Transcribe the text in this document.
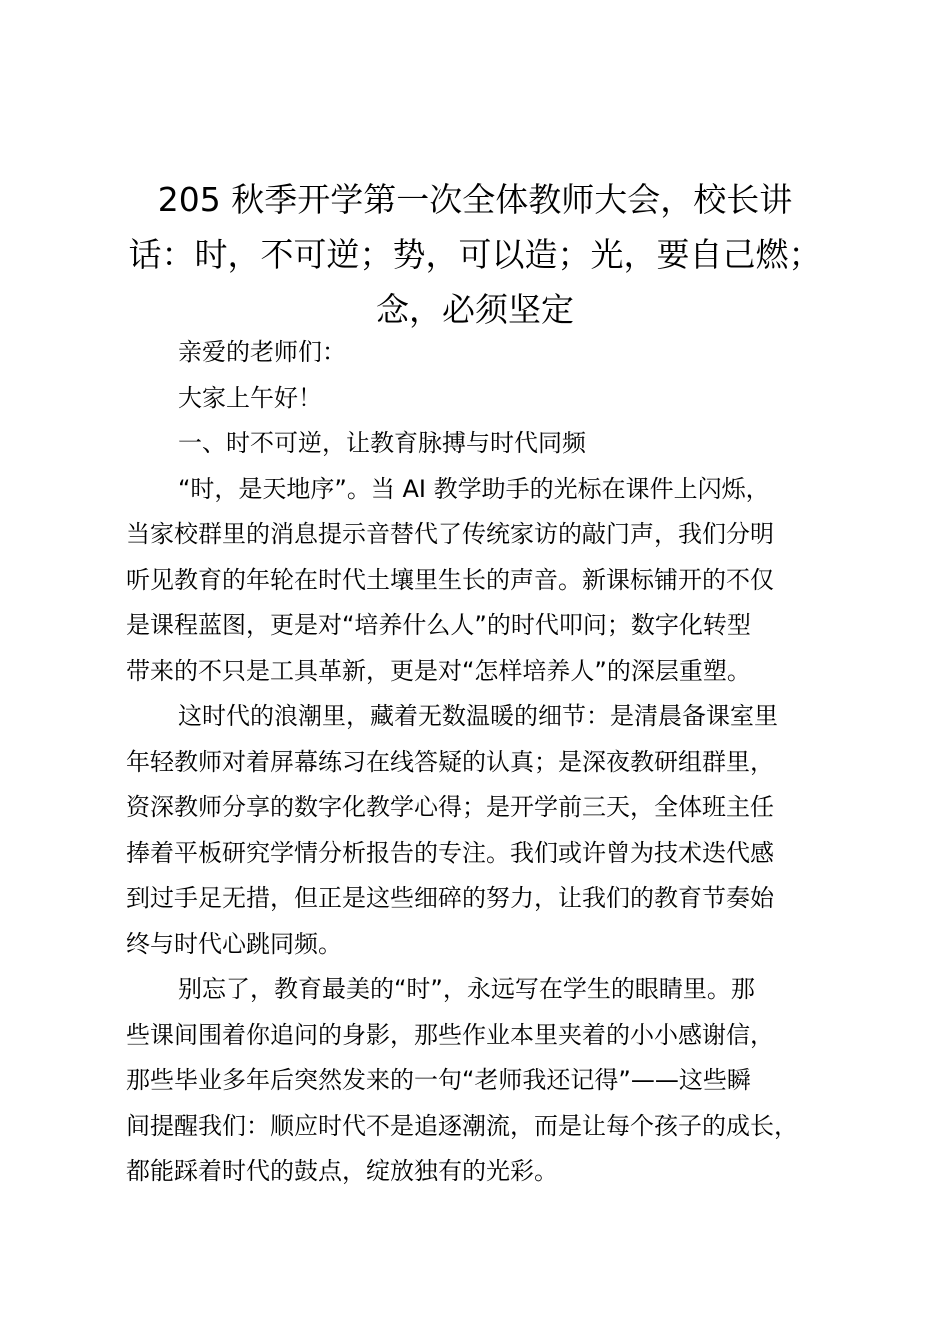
205 秋季开学第一次全体教师大会，校长讲
话：时，不可逆；势，可以造；光，要自己燃；
念，必须坚定

亲爱的老师们：

大家上午好！

一、时不可逆，让教育脉搏与时代同频

“时，是天地序”。当 AI 教学助手的光标在课件上闪烁，
当家校群里的消息提示音替代了传统家访的敲门声，我们分明
听见教育的年轮在时代土壤里生长的声音。新课标铺开的不仅
是课程蓝图，更是对“培养什么人”的时代叩问；数字化转型
带来的不只是工具革新，更是对“怎样培养人”的深层重塑。

这时代的浪潮里，藏着无数温暖的细节：是清晨备课室里
年轻教师对着屏幕练习在线答疑的认真；是深夜教研组群里，
资深教师分享的数字化教学心得；是开学前三天，全体班主任
捧着平板研究学情分析报告的专注。我们或许曾为技术迭代感
到过手足无措，但正是这些细碎的努力，让我们的教育节奏始
终与时代心跳同频。

别忘了，教育最美的“时”，永远写在学生的眼睛里。那
些课间围着你追问的身影，那些作业本里夹着的小小感谢信，
那些毕业多年后突然发来的一句“老师我还记得”——这些瞬
间提醒我们：顺应时代不是追逐潮流，而是让每个孩子的成长，
都能踩着时代的鼓点，绽放独有的光彩。
